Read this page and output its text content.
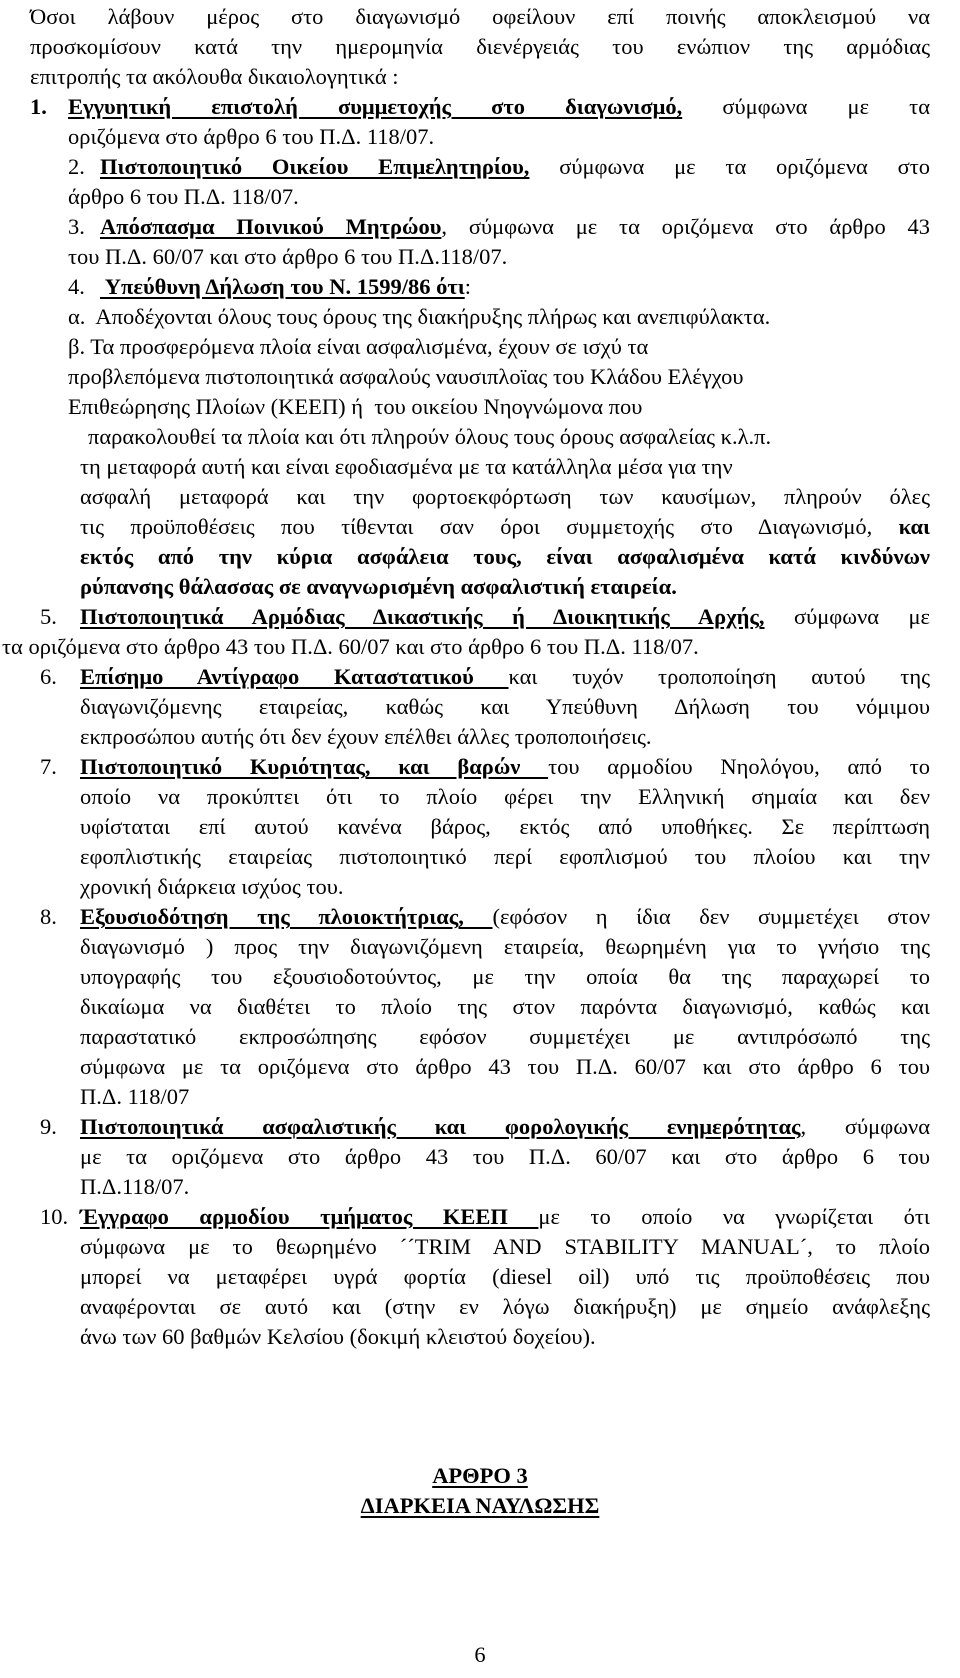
Όσοι λάβουν μέρος στο διαγωνισμό οφείλουν επί ποινής αποκλεισμού να
προσκομίσουν κατά την ημερομηνία διενέργειάς του ενώπιον της αρμόδιας
επιτροπής τα ακόλουθα δικαιολογητικά :
1. Εγγυητική επιστολή συμμετοχής στο διαγωνισμό, σύμφωνα με τα
οριζόμενα στο άρθρο 6 του Π.Δ. 118/07.
2. Πιστοποιητικό Οικείου Επιμελητηρίου, σύμφωνα με τα οριζόμενα στο
άρθρο 6 του Π.Δ. 118/07.
3. Απόσπασμα Ποινικού Μητρώου, σύμφωνα με τα οριζόμενα στο άρθρο 43
του Π.Δ. 60/07 και στο άρθρο 6 του Π.Δ.118/07.
4. Υπεύθυνη Δήλωση του Ν. 1599/86 ότι:
α.  Αποδέχονται όλους τους όρους της διακήρυξης πλήρως και ανεπιφύλακτα.
β. Τα προσφερόμενα πλοία είναι ασφαλισμένα, έχουν σε ισχύ τα
προβλεπόμενα πιστοποιητικά ασφαλούς ναυσιπλοϊας του Κλάδου Ελέγχου
Επιθεώρησης Πλοίων (ΚΕΕΠ) ή  του οικείου Νηογνώμονα που
παρακολουθεί τα πλοία και ότι πληρούν όλους τους όρους ασφαλείας κ.λ.π.
τη μεταφορά αυτή και είναι εφοδιασμένα με τα κατάλληλα μέσα για την
ασφαλή μεταφορά και την φορτοεκφόρτωση των καυσίμων, πληρούν όλες
τις προϋποθέσεις που τίθενται σαν όροι συμμετοχής στο Διαγωνισμό, και
εκτός από την κύρια ασφάλεια τους, είναι ασφαλισμένα κατά κινδύνων
ρύπανσης θάλασσας σε αναγνωρισμένη ασφαλιστική εταιρεία.
5. Πιστοποιητικά Αρμόδιας Δικαστικής ή Διοικητικής Αρχής, σύμφωνα με
τα οριζόμενα στο άρθρο 43 του Π.Δ. 60/07 και στο άρθρο 6 του Π.Δ. 118/07.
6. Επίσημο Αντίγραφο Καταστατικού και τυχόν τροποποίηση αυτού της
διαγωνιζόμενης εταιρείας, καθώς και Υπεύθυνη Δήλωση του νόμιμου
εκπροσώπου αυτής ότι δεν έχουν επέλθει άλλες τροποποιήσεις.
7. Πιστοποιητικό Κυριότητας, και βαρών του αρμοδίου Νηολόγου, από το
οποίο να προκύπτει ότι το πλοίο φέρει την Ελληνική σημαία και δεν
υφίσταται επί αυτού κανένα βάρος, εκτός από υποθήκες. Σε περίπτωση
εφοπλιστικής εταιρείας πιστοποιητικό περί εφοπλισμού του πλοίου και την
χρονική διάρκεια ισχύος του.
8. Εξουσιοδότηση της πλοιοκτήτριας, (εφόσον η ίδια δεν συμμετέχει στον
διαγωνισμό ) προς την διαγωνιζόμενη εταιρεία, θεωρημένη για το γνήσιο της
υπογραφής του εξουσιοδοτούντος, με την οποία θα της παραχωρεί το
δικαίωμα να διαθέτει το πλοίο της στον παρόντα διαγωνισμό, καθώς και
παραστατικό εκπροσώπησης εφόσον συμμετέχει με αντιπρόσωπό της
σύμφωνα με τα οριζόμενα στο άρθρο 43 του Π.Δ. 60/07 και στο άρθρο 6 του
Π.Δ. 118/07
9. Πιστοποιητικά ασφαλιστικής και φορολογικής ενημερότητας, σύμφωνα
με τα οριζόμενα στο άρθρο 43 του Π.Δ. 60/07 και στο άρθρο 6 του
Π.Δ.118/07.
10. Έγγραφο αρμοδίου τμήματος ΚΕΕΠ με το οποίο να γνωρίζεται ότι
σύμφωνα με το θεωρημένο ´´TRIM AND STABILITY MANUAL´, το πλοίο
μπορεί να μεταφέρει υγρά φορτία (diesel oil) υπό τις προϋποθέσεις που
αναφέρονται σε αυτό και (στην εν λόγω διακήρυξη) με σημείο ανάφλεξης
άνω των 60 βαθμών Κελσίου (δοκιμή κλειστού δοχείου).
ΑΡΘΡΟ 3
ΔΙΑΡΚΕΙΑ ΝΑΥΛΩΣΗΣ
6
